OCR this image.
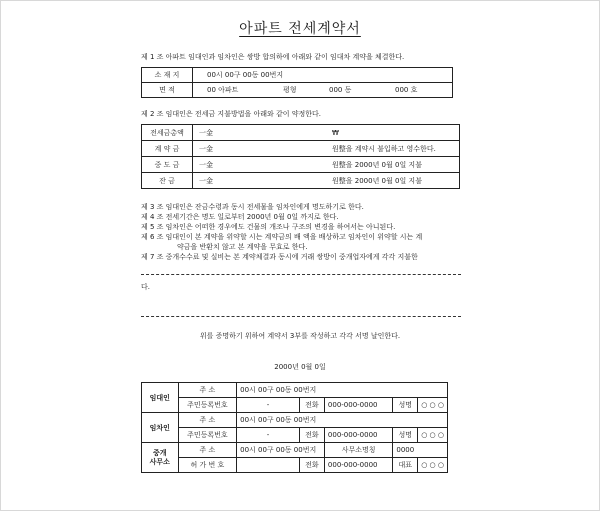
아파트 전세계약서
제 1 조 아파트 임대인과 임차인은 쌍방 합의하에 아래와 같이 임대차 계약을 체결한다.
소 재 지	00시 00구 00동 00번지			
면 적	00 아파트	평형	000 동	000 호
제 2 조 임대인은 전세금 지불방법을 아래와 같이 약정한다.
전세금총액	一金	₩
계 약 금	一金	원整을 계약시 불입하고 영수한다.
중 도 금	一金	원整을 2000년 0월 0일 지불
잔 금	一金	원整을 2000년 0월 0일 지불
제 3 조 임대인은 잔금수령과 동시 전세물을 임차인에게 명도하기로 한다.
제 4 조 전세기간은 명도 일로부터 2000년 0월 0일 까지로 한다.
제 5 조 임차인은 어떠한 경우에도 건물의 개조나 구조의 변경을 하여서는 아니된다.
제 6 조 임대인이 본 계약을 위약할 시는 계약금의 배 액을 배상하고 임차인이 위약할 시는 계
약금을 반환치 않고 본 계약을 무효로 한다.
제 7 조 중개수수료 및 실비는 본 계약체결과 동시에 거래 쌍방이 중개업자에게 각각 지불한
다.
위를 증명하기 위하여 계약서 3부를 작성하고 각각 서명 날인한다.
2000년 0월 0일
임대인	주 소	00시 00구 00동 00번지				
	주민등록번호	-	전화	000-000-0000	성명	○ ○ ○
임차인	주 소	00시 00구 00동 00번지				
	주민등록번호	-	전화	000-000-0000	성명	○ ○ ○
중개
사무소	주 소	00시 00구 00동 00번지		사무소명칭	0000	
	허 가 번 호		전화	000-000-0000	대표	○ ○ ○
